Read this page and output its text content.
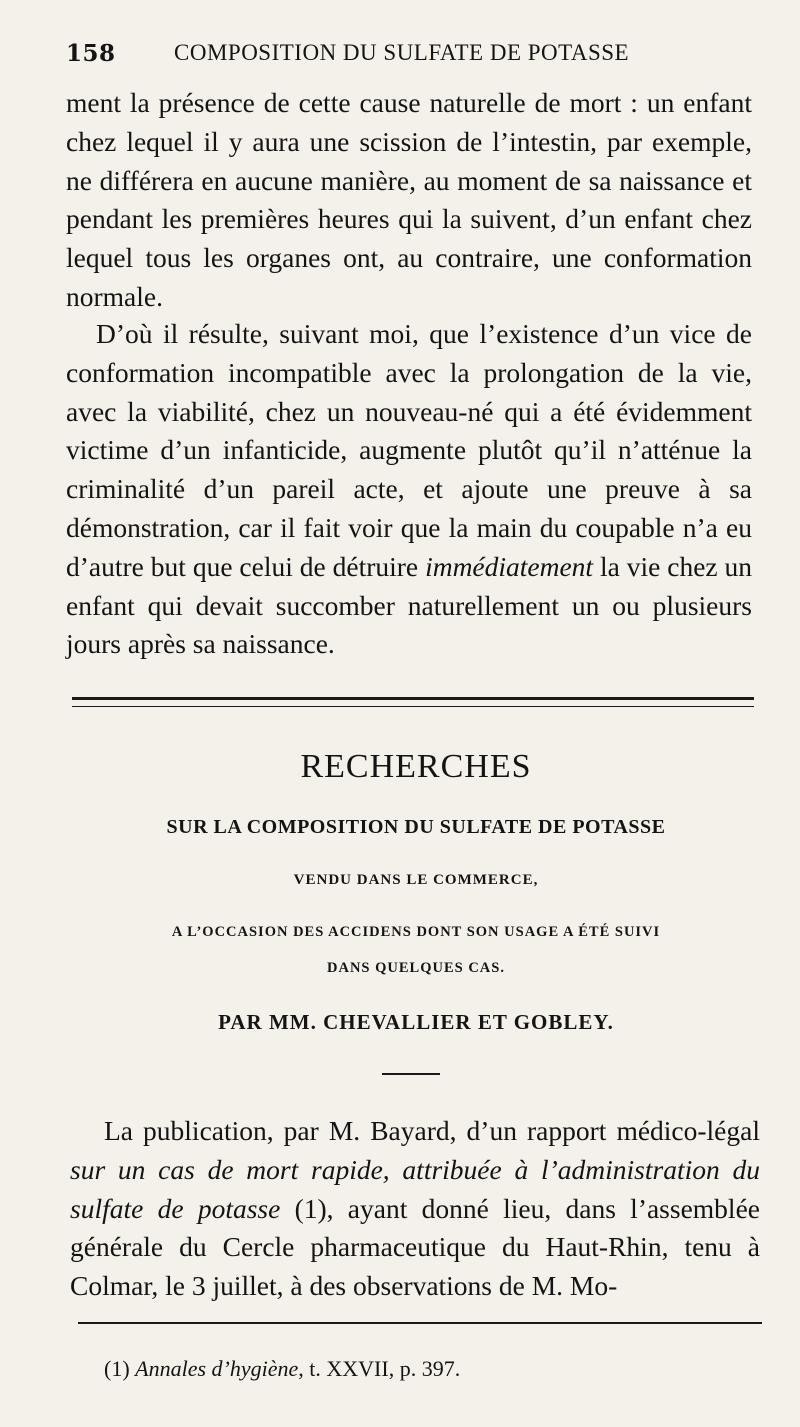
158	COMPOSITION DU SULFATE DE POTASSE
ment la présence de cette cause naturelle de mort : un enfant chez lequel il y aura une scission de l’intestin, par exemple, ne différera en aucune manière, au moment de sa naissance et pendant les premières heures qui la suivent, d’un enfant chez lequel tous les organes ont, au contraire, une conformation normale.
D’où il résulte, suivant moi, que l’existence d’un vice de conformation incompatible avec la prolongation de la vie, avec la viabilité, chez un nouveau-né qui a été évidemment victime d’un infanticide, augmente plutôt qu’il n’atténue la criminalité d’un pareil acte, et ajoute une preuve à sa démonstration, car il fait voir que la main du coupable n’a eu d’autre but que celui de détruire immédiatement la vie chez un enfant qui devait succomber naturellement un ou plusieurs jours après sa naissance.
RECHERCHES
SUR LA COMPOSITION DU SULFATE DE POTASSE
VENDU DANS LE COMMERCE,
A L’OCCASION DES ACCIDENS DONT SON USAGE A ÉTÉ SUIVI
DANS QUELQUES CAS.
PAR MM. CHEVALLIER ET GOBLEY.
La publication, par M. Bayard, d’un rapport médico-légal sur un cas de mort rapide, attribuée à l’administration du sulfate de potasse (1), ayant donné lieu, dans l’assemblée générale du Cercle pharmaceutique du Haut-Rhin, tenu à Colmar, le 3 juillet, à des observations de M. Mo-
(1) Annales d’hygiène, t. XXVII, p. 397.
